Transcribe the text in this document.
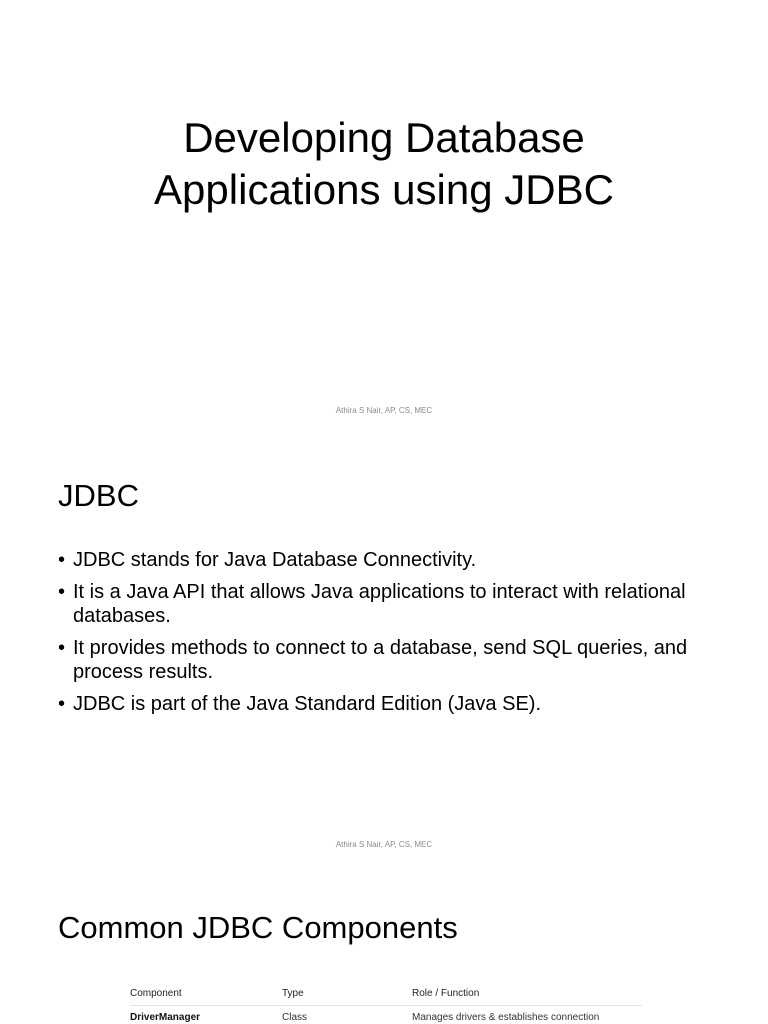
Developing Database
Applications using JDBC
Athira S Nair, AP, CS, MEC
JDBC
• JDBC stands for Java Database Connectivity.
• It is a Java API that allows Java applications to interact with relational databases.
• It provides methods to connect to a database, send SQL queries, and process results.
• JDBC is part of the Java Standard Edition (Java SE).
Athira S Nair, AP, CS, MEC
Common JDBC Components
Component	Type	Role / Function
DriverManager	Class	Manages drivers & establishes connection
